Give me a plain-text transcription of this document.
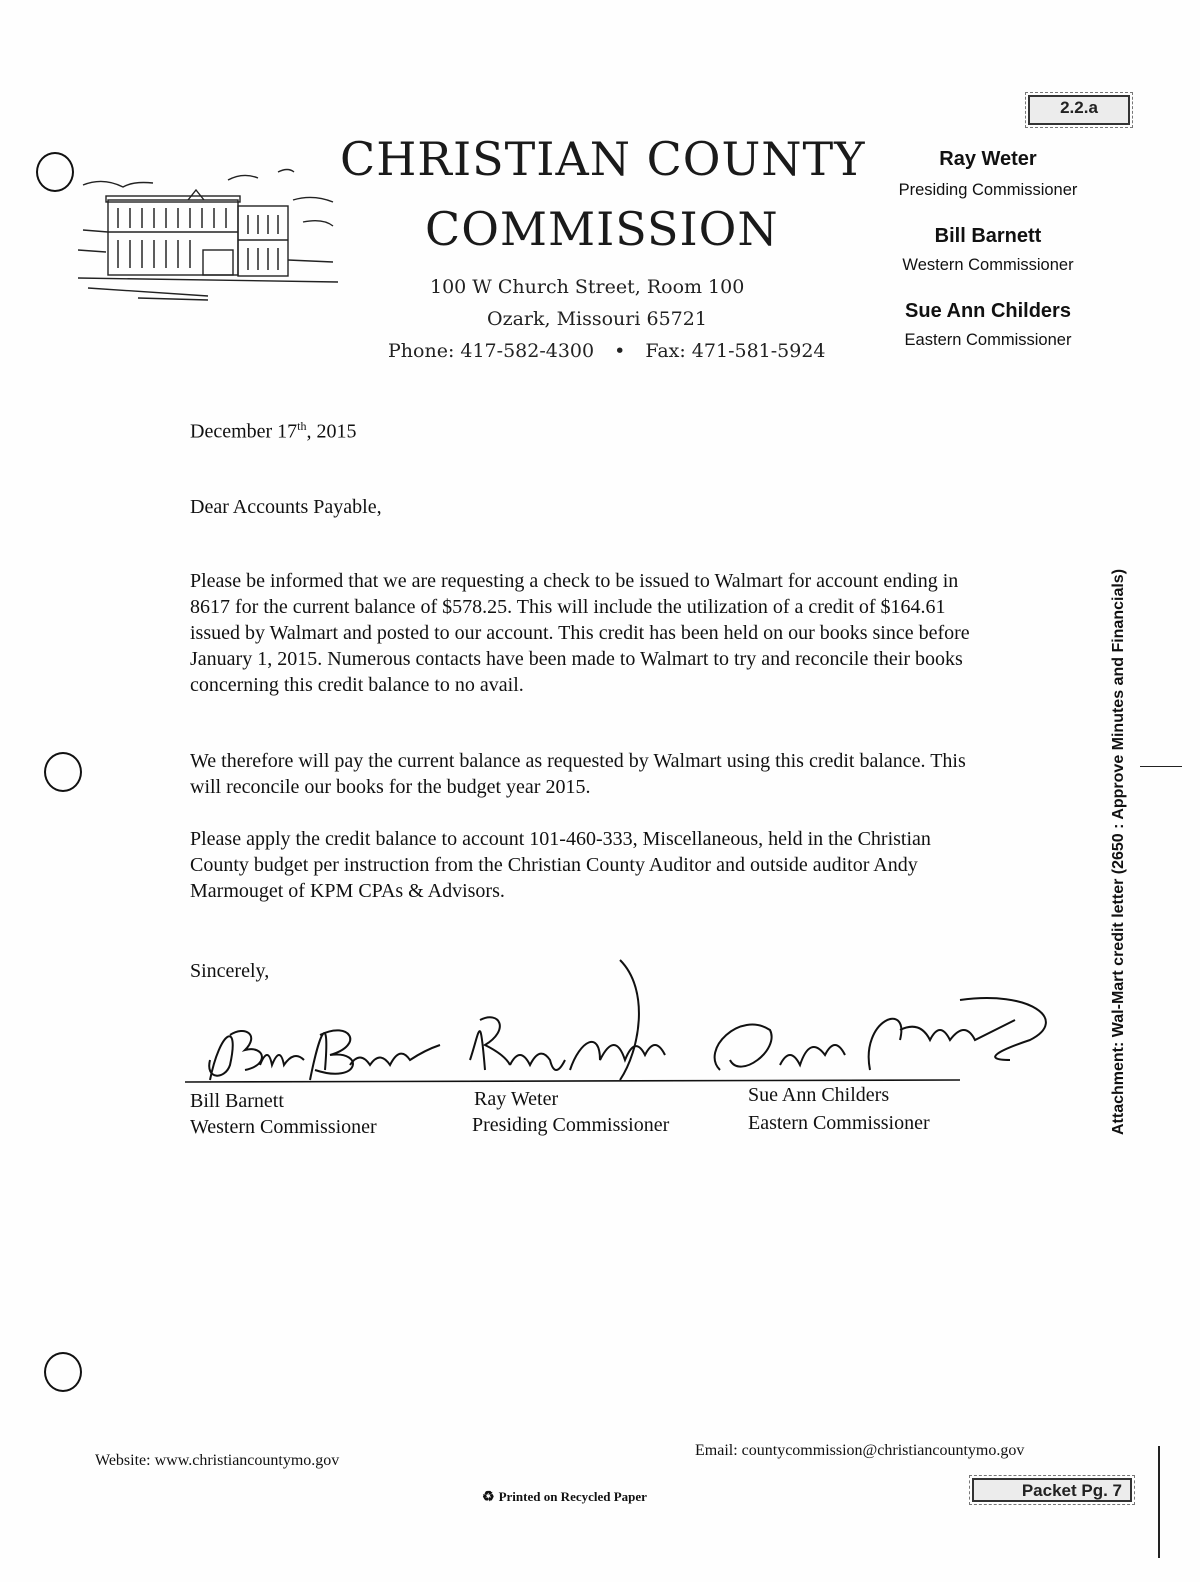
2.2.a
CHRISTIAN COUNTY
COMMISSION
100 W Church Street, Room 100
Ozark, Missouri 65721
Phone: 417-582-4300 • Fax: 471-581-5924
Ray Weter
Presiding Commissioner
Bill Barnett
Western Commissioner
Sue Ann Childers
Eastern Commissioner
December 17th, 2015
Dear Accounts Payable,
Please be informed that we are requesting a check to be issued to Walmart for account ending in 8617 for the current balance of $578.25. This will include the utilization of a credit of $164.61 issued by Walmart and posted to our account. This credit has been held on our books since before January 1, 2015. Numerous contacts have been made to Walmart to try and reconcile their books concerning this credit balance to no avail.
We therefore will pay the current balance as requested by Walmart using this credit balance. This will reconcile our books for the budget year 2015.
Please apply the credit balance to account 101-460-333, Miscellaneous, held in the Christian County budget per instruction from the Christian County Auditor and outside auditor Andy Marmouget of KPM CPAs & Advisors.
Sincerely,
Bill Barnett
Western Commissioner
Ray Weter
Presiding Commissioner
Sue Ann Childers
Eastern Commissioner	Attachment: Wal-Mart credit letter (2650 : Approve Minutes and Financials)
Website: www.christiancountymo.gov
Email: countycommission@christiancountymo.gov
♻ Printed on Recycled Paper	Packet Pg. 7
